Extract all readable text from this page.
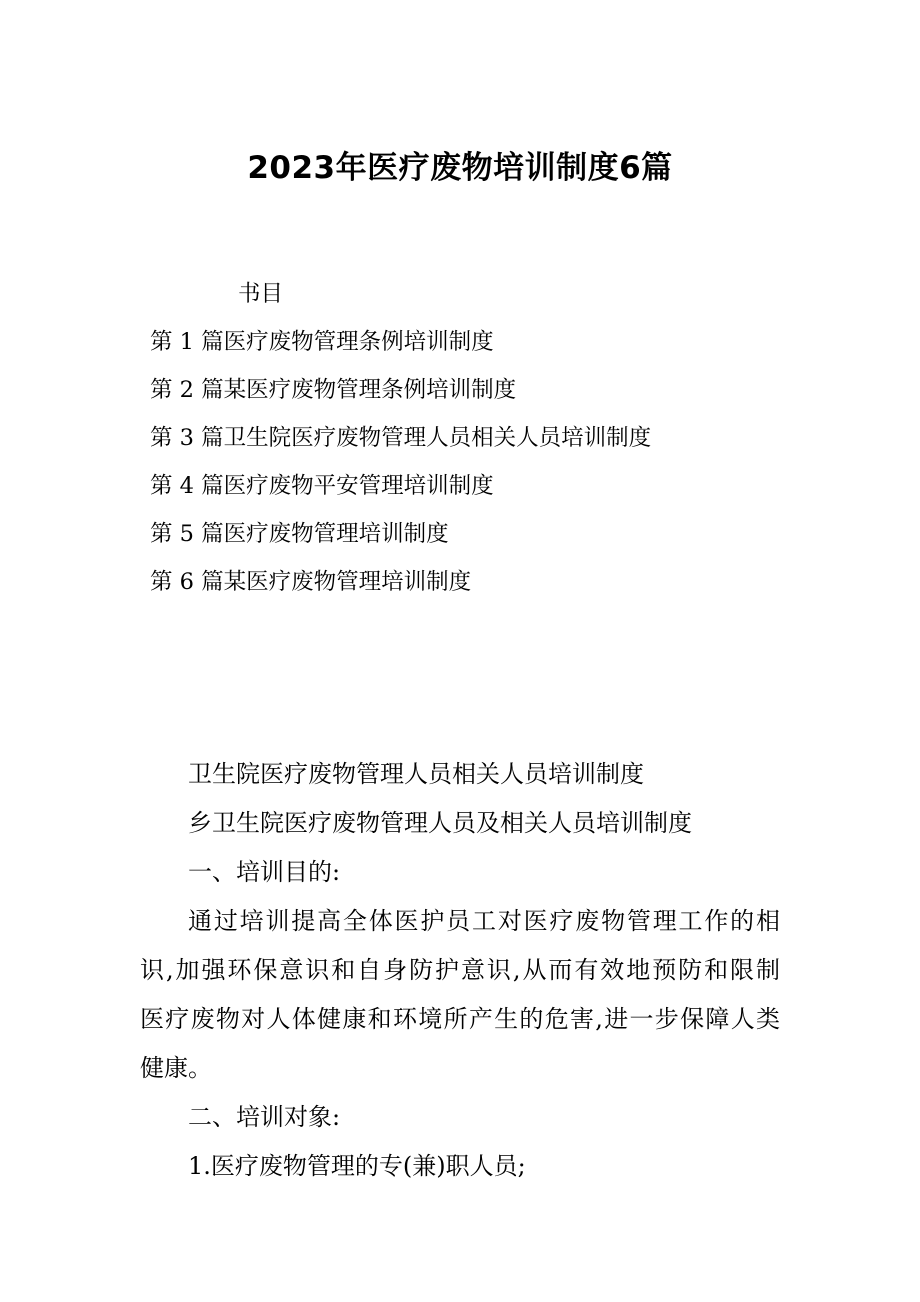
2023年医疗废物培训制度6篇
书目
第 1 篇医疗废物管理条例培训制度
第 2 篇某医疗废物管理条例培训制度
第 3 篇卫生院医疗废物管理人员相关人员培训制度
第 4 篇医疗废物平安管理培训制度
第 5 篇医疗废物管理培训制度
第 6 篇某医疗废物管理培训制度
卫生院医疗废物管理人员相关人员培训制度
乡卫生院医疗废物管理人员及相关人员培训制度
一、培训目的:
通过培训提高全体医护员工对医疗废物管理工作的相
识,加强环保意识和自身防护意识,从而有效地预防和限制
医疗废物对人体健康和环境所产生的危害,进一步保障人类
健康。
二、培训对象:
1.医疗废物管理的专(兼)职人员;
